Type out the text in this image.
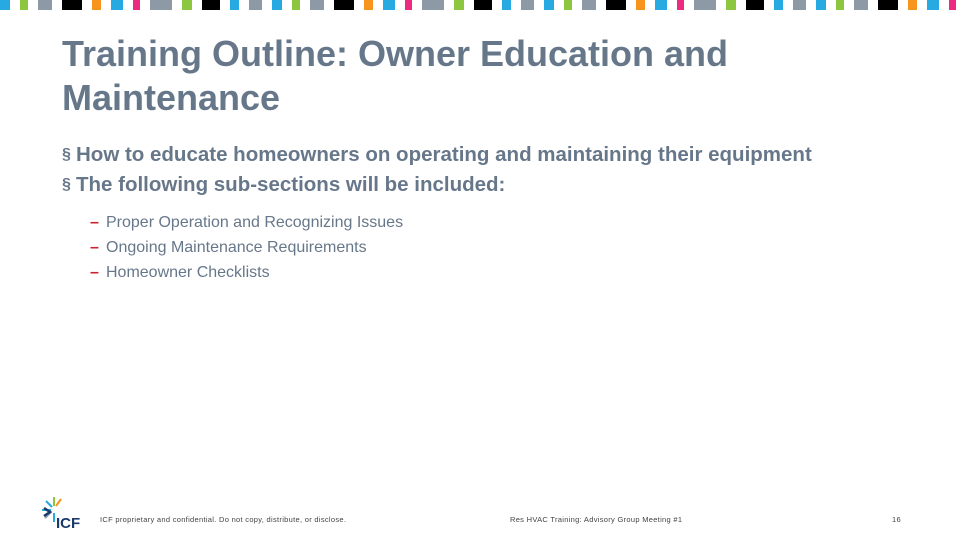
Training Outline: Owner Education and Maintenance
§ How to educate homeowners on operating and maintaining their equipment
§ The following sub-sections will be included:
– Proper Operation and Recognizing Issues
– Ongoing Maintenance Requirements
– Homeowner Checklists
ICF	ICF proprietary and confidential. Do not copy, distribute, or disclose.	Res HVAC Training: Advisory Group Meeting #1	16
